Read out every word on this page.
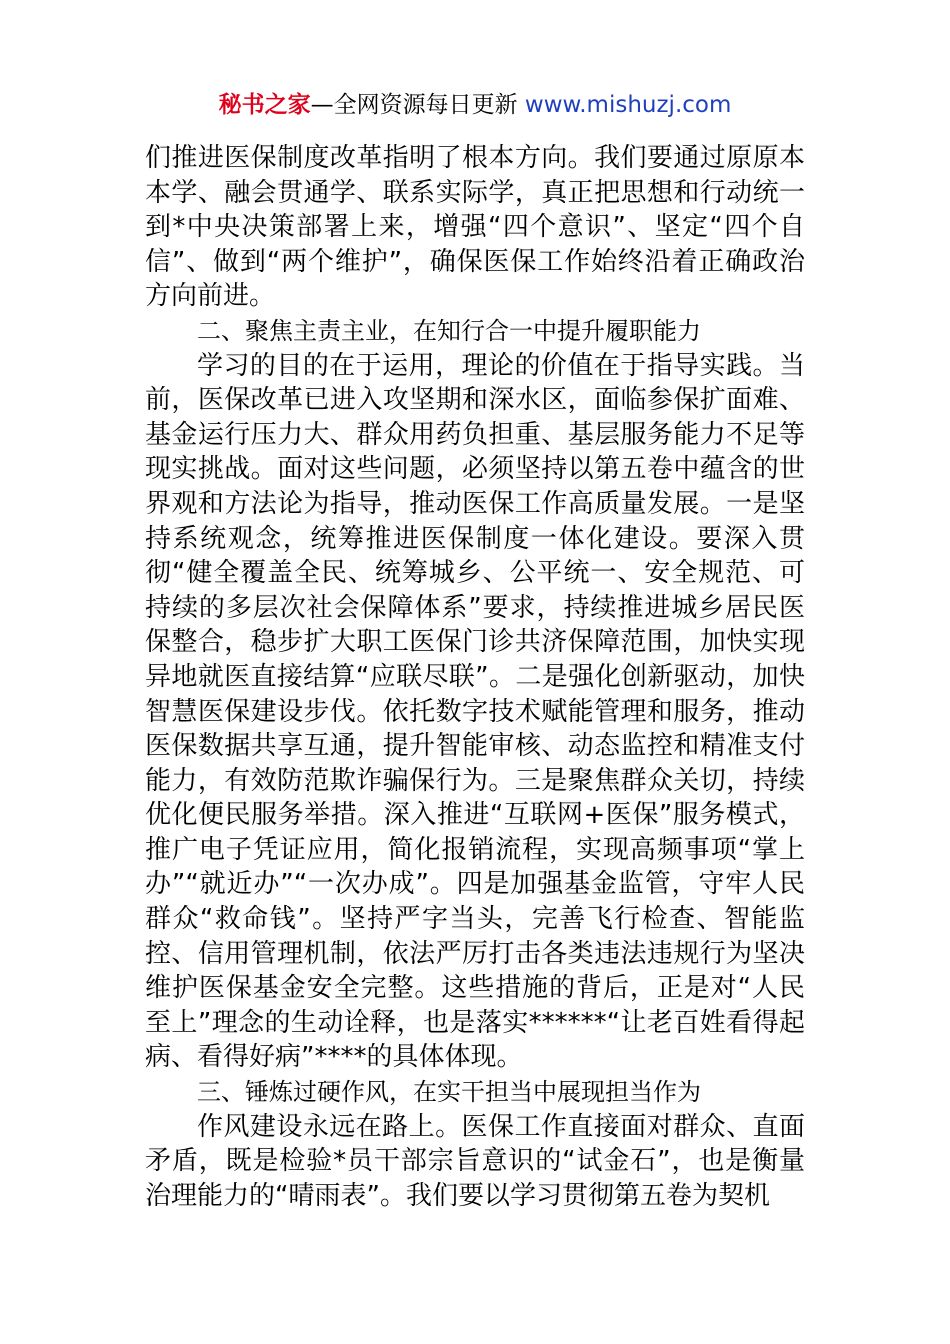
秘书之家—全网资源每日更新 www.mishuzj.com

们推进医保制度改革指明了根本方向。我们要通过原原本本学、融会贯通学、联系实际学，真正把思想和行动统一到*中央决策部署上来，增强“四个意识”、坚定“四个自信”、做到“两个维护”，确保医保工作始终沿着正确政治方向前进。

二、聚焦主责主业，在知行合一中提升履职能力

学习的目的在于运用，理论的价值在于指导实践。当前，医保改革已进入攻坚期和深水区，面临参保扩面难、基金运行压力大、群众用药负担重、基层服务能力不足等现实挑战。面对这些问题，必须坚持以第五卷中蕴含的世界观和方法论为指导，推动医保工作高质量发展。一是坚持系统观念，统筹推进医保制度一体化建设。要深入贯彻“健全覆盖全民、统筹城乡、公平统一、安全规范、可持续的多层次社会保障体系”要求，持续推进城乡居民医保整合，稳步扩大职工医保门诊共济保障范围，加快实现异地就医直接结算“应联尽联”。二是强化创新驱动，加快智慧医保建设步伐。依托数字技术赋能管理和服务，推动医保数据共享互通，提升智能审核、动态监控和精准支付能力，有效防范欺诈骗保行为。三是聚焦群众关切，持续优化便民服务举措。深入推进“互联网+医保”服务模式，推广电子凭证应用，简化报销流程，实现高频事项“掌上办”“就近办”“一次办成”。四是加强基金监管，守牢人民群众“救命钱”。坚持严字当头，完善飞行检查、智能监控、信用管理机制，依法严厉打击各类违法违规行为坚决维护医保基金安全完整。这些措施的背后，正是对“人民至上”理念的生动诠释，也是落实******“让老百姓看得起病、看得好病”****的具体体现。

三、锤炼过硬作风，在实干担当中展现担当作为

作风建设永远在路上。医保工作直接面对群众、直面矛盾，既是检验*员干部宗旨意识的“试金石”，也是衡量治理能力的“晴雨表”。我们要以学习贯彻第五卷为契机
